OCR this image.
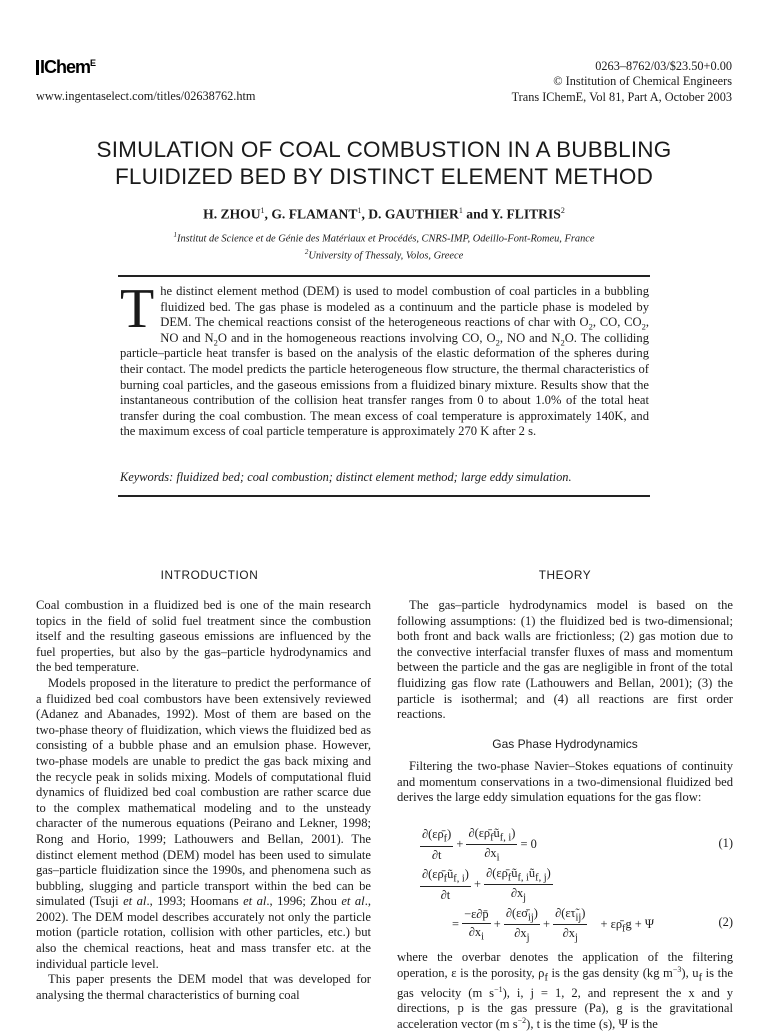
IChem$^E$
www.ingentaselect.com/titles/02638762.htm
0263–8762/03/$23.50+0.00
© Institution of Chemical Engineers
Trans IChemE, Vol 81, Part A, October 2003
SIMULATION OF COAL COMBUSTION IN A BUBBLING
FLUIDIZED BED BY DISTINCT ELEMENT METHOD
H. ZHOU$^1$, G. FLAMANT$^1$, D. GAUTHIER$^1$ and Y. FLITRIS$^2$
$^1$Institut de Science et de Génie des Matériaux et Procédés, CNRS-IMP, Odeillo-Font-Romeu, France
$^2$University of Thessaly, Volos, Greece
The distinct element method (DEM) is used to model combustion of coal particles in a bubbling fluidized bed. The gas phase is modeled as a continuum and the particle phase is modeled by DEM. The chemical reactions consist of the heterogeneous reactions of char with $O_2$, CO, $CO_2$, NO and $N_2O$ and in the homogeneous reactions involving CO, $O_2$, NO and $N_2O$. The colliding particle–particle heat transfer is based on the analysis of the elastic deformation of the spheres during their contact. The model predicts the particle heterogeneous flow structure, the thermal characteristics of burning coal particles, and the gaseous emissions from a fluidized binary mixture. Results show that the instantaneous contribution of the collision heat transfer ranges from 0 to about 1.0% of the total heat transfer during the coal combustion. The mean excess of coal temperature is approximately 140K, and the maximum excess of coal particle temperature is approximately 270 K after 2 s.
Keywords: fluidized bed; coal combustion; distinct element method; large eddy simulation.
INTRODUCTION

Coal combustion in a fluidized bed is one of the main research topics in the field of solid fuel treatment since the combustion itself and the resulting gaseous emissions are influenced by the fuel properties, but also by the gas–particle hydrodynamics and the bed temperature.

Models proposed in the literature to predict the performance of a fluidized bed coal combustors have been extensively reviewed (Adanez and Abanades, 1992). Most of them are based on the two-phase theory of fluidization, which views the fluidized bed as consisting of a bubble phase and an emulsion phase. However, two-phase models are unable to predict the gas back mixing and the recycle peak in solids mixing. Models of computational fluid dynamics of fluidized bed coal combustion are rather scarce due to the complex mathematical modeling and to the unsteady character of the numerous equations (Peirano and Lekner, 1998; Rong and Horio, 1999; Lathouwers and Bellan, 2001). The distinct element method (DEM) model has been used to simulate gas–particle fluidization since the 1990s, and phenomena such as bubbling, slugging and particle transport within the bed can be simulated (Tsuji et al., 1993; Hoomans et al., 1996; Zhou et al., 2002). The DEM model describes accurately not only the particle motion (particle rotation, collision with other particles, etc.) but also the chemical reactions, heat and mass transfer etc. at the individual particle level.

This paper presents the DEM model that was developed for analysing the thermal characteristics of burning coal

THEORY

The gas–particle hydrodynamics model is based on the following assumptions: (1) the fluidized bed is two-dimensional; both front and back walls are frictionless; (2) gas motion due to the convective interfacial transfer fluxes of mass and momentum between the particle and the gas are negligible in front of the total fluidizing gas flow rate (Lathouwers and Bellan, 2001); (3) the particle is isothermal; and (4) all reactions are first order reactions.

Gas Phase Hydrodynamics

Filtering the two-phase Navier–Stokes equations of continuity and momentum conservations in a two-dimensional fluidized bed derives the large eddy simulation equations for the gas flow:

$\frac{\partial(\varepsilon\rhō_f)}{\partial t} + \frac{\partial(\varepsilon\rhō_fũ_{f, i})}{\partial x_i} = 0$	(1)
$\frac{\partial(\varepsilon\rhō_fũ_{f, i})}{\partial t} + \frac{\partial(\varepsilon\rhō_fũ_{f, i}ũ_{f, j})}{\partial x_j}$
= $\frac{-\varepsilon\partial p̄}{\partial x_i} + \frac{\partial(\varepsilon\sigmā_{ij})}{\partial x_j} + \frac{\partial(\varepsilon\taũ_{ij})}{\partial x_j}$ + $\varepsilon\rhō_fg + \Psi$	(2)

where the overbar denotes the application of the filtering operation, ε is the porosity, $\rho_f$ is the gas density (kg $m^{-3}$), $u_f$ is the gas velocity (m $s^{-1}$), i, j = 1, 2, and represent the x and y directions, p is the gas pressure (Pa), g is the gravitational acceleration vector (m $s^{-2}$), t is the time (s), Ψ is the
